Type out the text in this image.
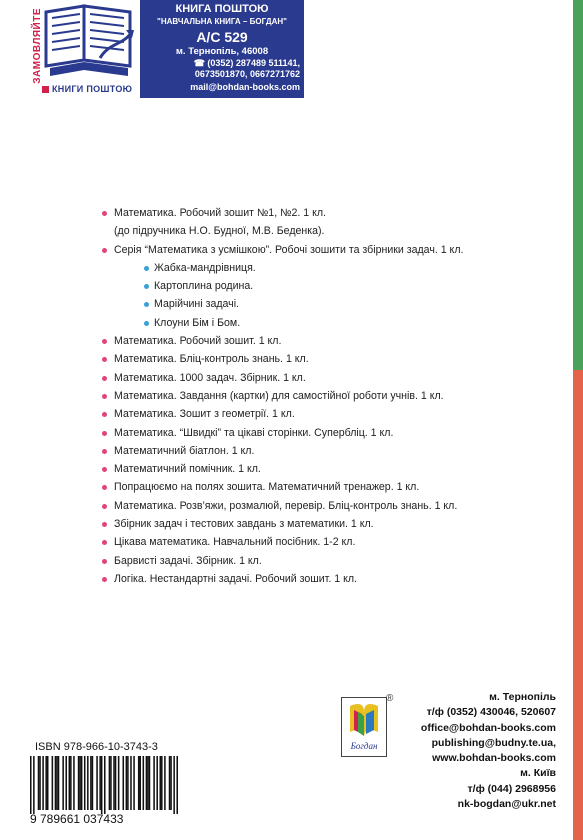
ЗАМОВЛЯЙТЕ
КНИГИ ПОШТОЮ
КНИГА ПОШТОЮ
"НАВЧАЛЬНА КНИГА – БОГДАН"
А/С 529
м. Тернопіль, 46008
☎ (0352) 287489 511141,
0673501870, 0667271762
mail@bohdan-books.com
Математика. Робочий зошит №1, №2. 1 кл.
(до підручника Н.О. Будної, М.В. Беденка).
Серія “Математика з усмішкою”. Робочі зошити та збірники задач. 1 кл.
Жабка-мандрівниця.
Картоплина родина.
Марійчині задачі.
Клоуни Бім і Бом.
Математика. Робочий зошит. 1 кл.
Математика. Бліц-контроль знань. 1 кл.
Математика. 1000 задач. Збірник. 1 кл.
Математика. Завдання (картки) для самостійної роботи учнів. 1 кл.
Математика. Зошит з геометрії. 1 кл.
Математика. “Швидкі” та цікаві сторінки. Супербліц. 1 кл.
Математичний біатлон. 1 кл.
Математичний помічник. 1 кл.
Попрацюємо на полях зошита. Математичний тренажер. 1 кл.
Математика. Розв’яжи, розмалюй, перевір. Бліц-контроль знань. 1 кл.
Збірник задач і тестових завдань з математики. 1 кл.
Цікава математика. Навчальний посібник. 1-2 кл.
Барвисті задачі. Збірник. 1 кл.
Логіка. Нестандартні задачі. Робочий зошит. 1 кл.
Богдан
®	м. Тернопіль
т/ф (0352) 430046, 520607
office@bohdan-books.com
publishing@budny.te.ua,
www.bohdan-books.com
м. Київ
т/ф (044) 2968956
nk-bogdan@ukr.net
ISBN 978-966-10-3743-3
9 789661 037433
